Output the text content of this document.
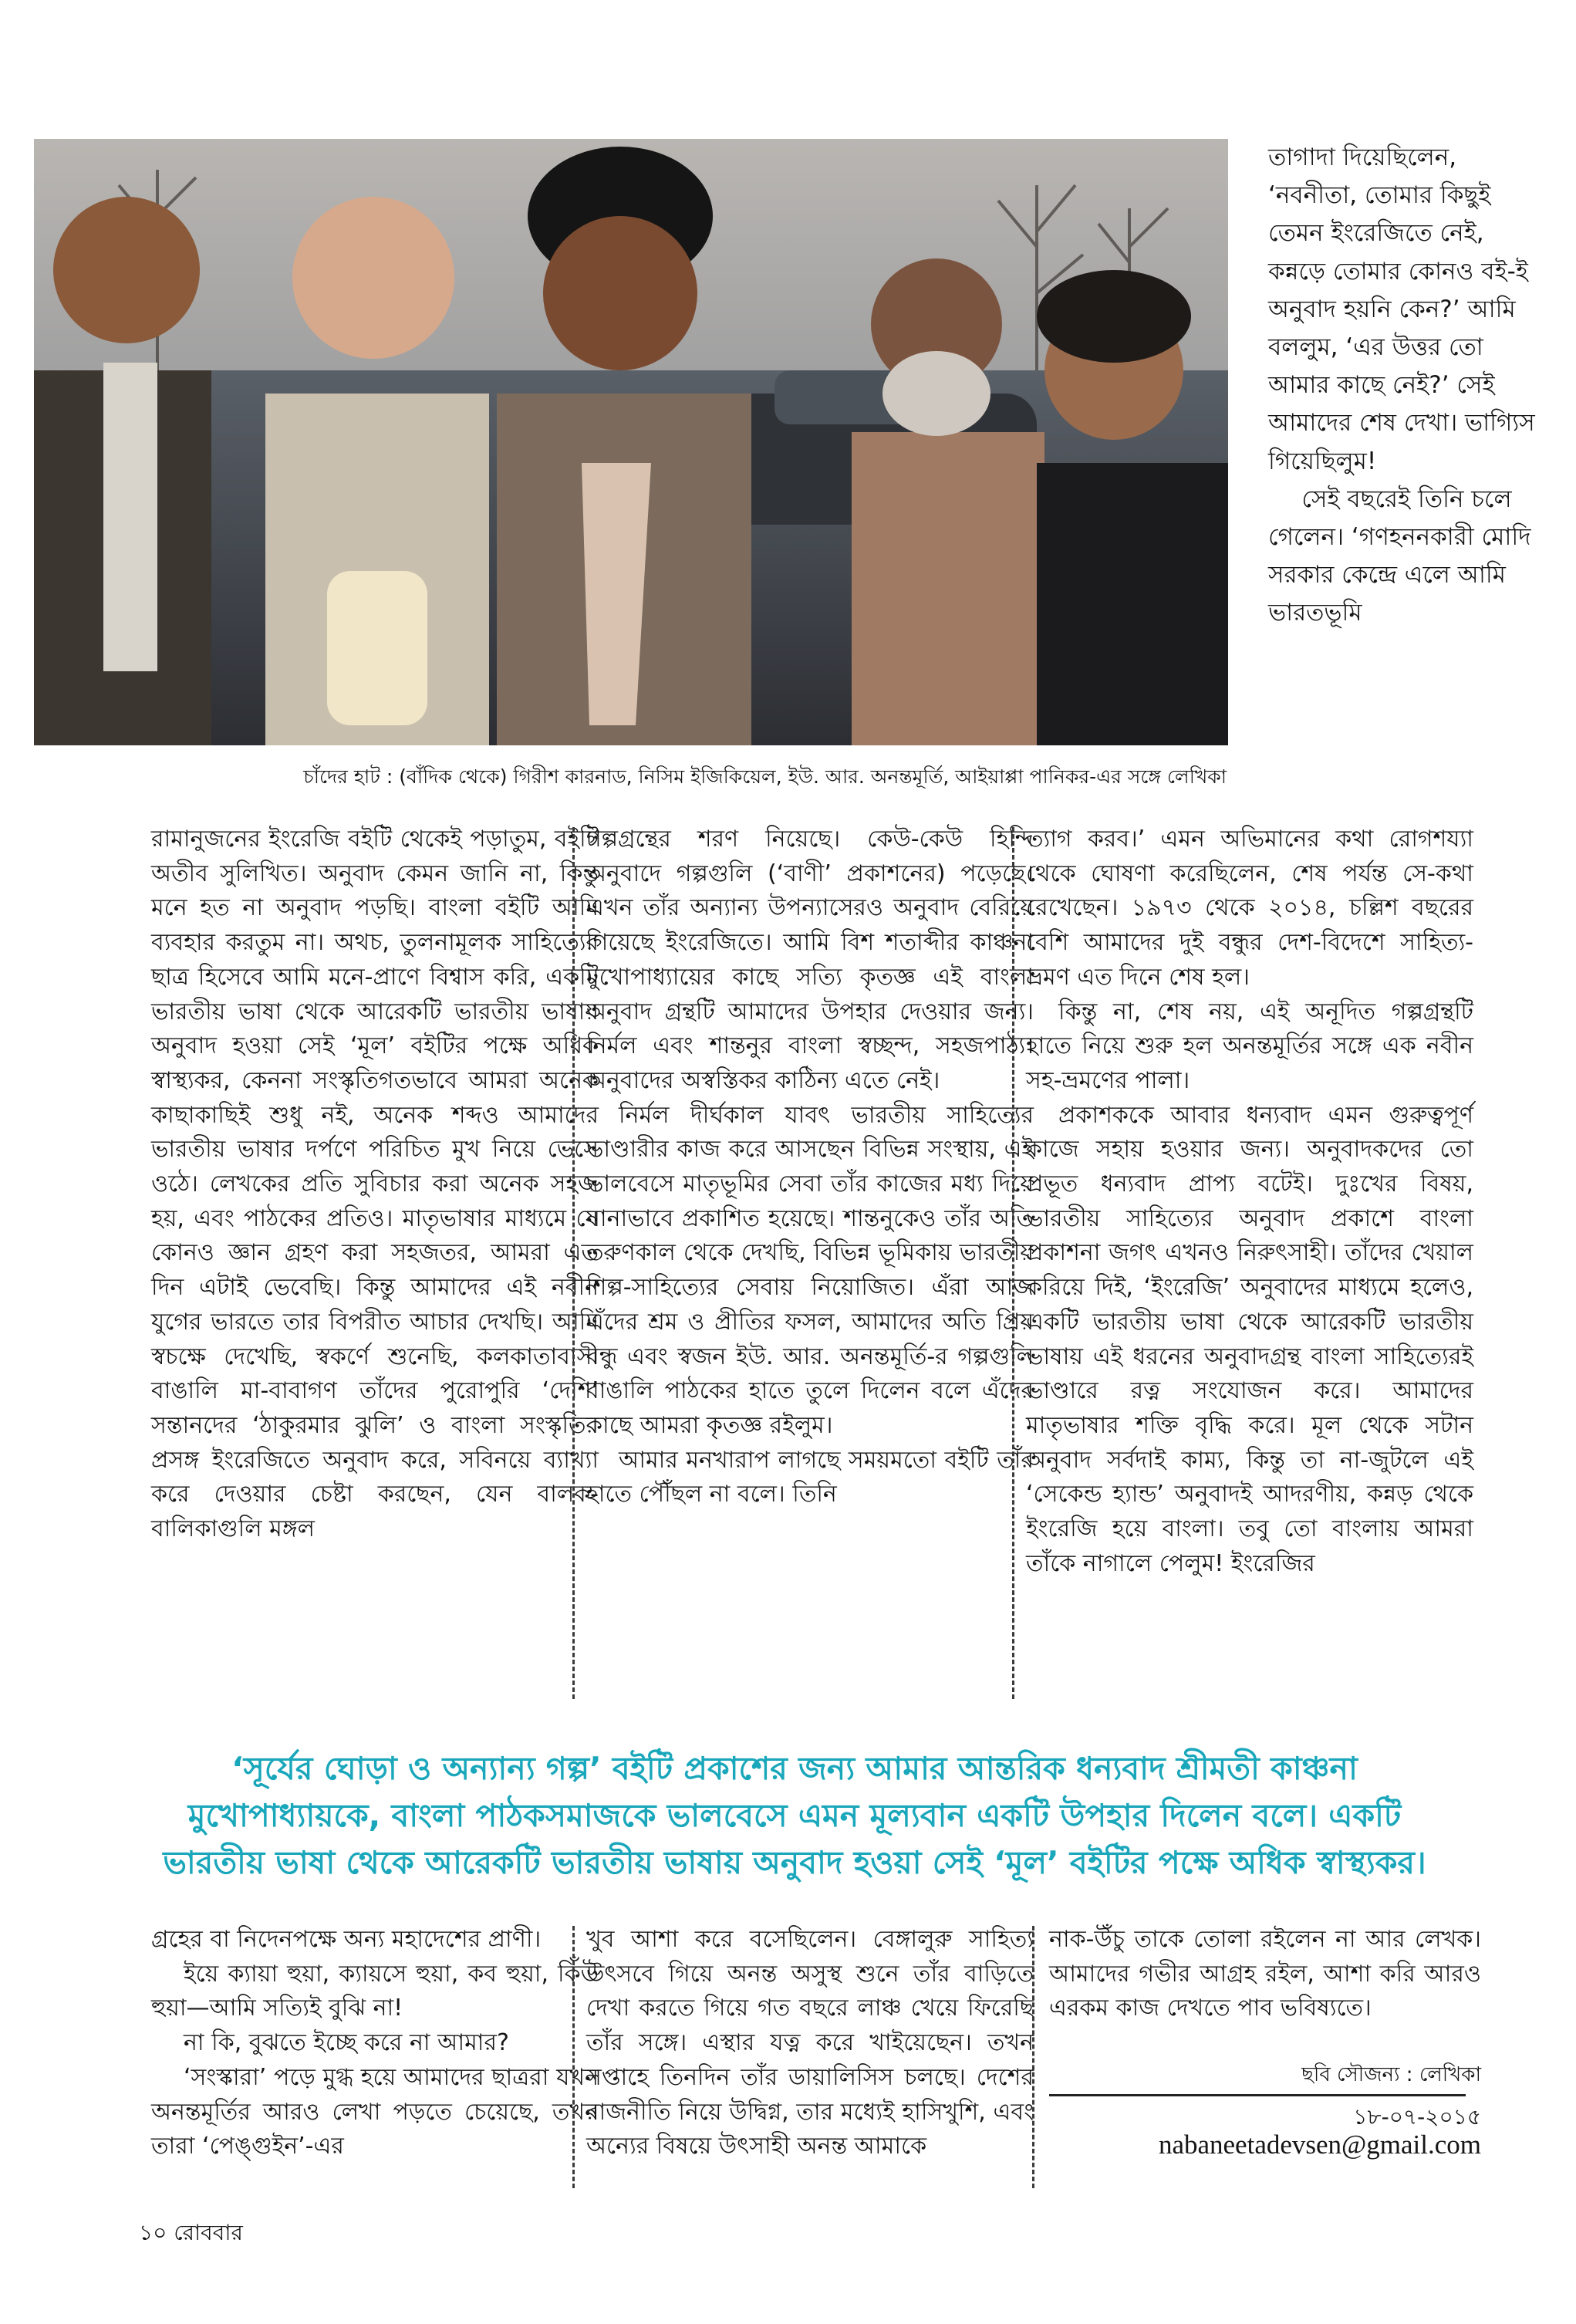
চাঁদের হাট : (বাঁদিক থেকে) গিরীশ কারনাড, নিসিম ইজিকিয়েল, ইউ. আর. অনন্তমূর্তি, আইয়াপ্পা পানিকর-এর সঙ্গে লেখিকা

তাগাদা দিয়েছিলেন, ‘নবনীতা, তোমার কিছুই তেমন ইংরেজিতে নেই, কন্নড়ে তোমার কোনও বই-ই অনুবাদ হয়নি কেন?’ আমি বললুম, ‘এর উত্তর তো আমার কাছে নেই?’ সেই আমাদের শেষ দেখা। ভাগ্যিস গিয়েছিলুম!

সেই বছরেই তিনি চলে গেলেন। ‘গণহননকারী মোদি সরকার কেন্দ্রে এলে আমি ভারতভূমি

রামানুজনের ইংরেজি বইটি থেকেই পড়াতুম, বইটি অতীব সুলিখিত। অনুবাদ কেমন জানি না, কিন্তু মনে হত না অনুবাদ পড়ছি। বাংলা বইটি আমি ব্যবহার করতুম না। অথচ, তুলনামূলক সাহিত্যের ছাত্র হিসেবে আমি মনে-প্রাণে বিশ্বাস করি, একটি ভারতীয় ভাষা থেকে আরেকটি ভারতীয় ভাষায় অনুবাদ হওয়া সেই ‘মূল’ বইটির পক্ষে অধিক স্বাস্থ্যকর, কেননা সংস্কৃতিগতভাবে আমরা অনেক কাছাকাছিই শুধু নই, অনেক শব্দও আমাদের ভারতীয় ভাষার দর্পণে পরিচিত মুখ নিয়ে ভেসে ওঠে। লেখকের প্রতি সুবিচার করা অনেক সহজ হয়, এবং পাঠকের প্রতিও। মাতৃভাষার মাধ্যমে যে কোনও জ্ঞান গ্রহণ করা সহজতর, আমরা এত দিন এটাই ভেবেছি। কিন্তু আমাদের এই নবীন যুগের ভারতে তার বিপরীত আচার দেখছি। আমি স্বচক্ষে দেখেছি, স্বকর্ণে শুনেছি, কলকাতাবাসী বাঙালি মা-বাবাগণ তাঁদের পুরোপুরি ‘দেশি’ সন্তানদের ‘ঠাকুরমার ঝুলি’ ও বাংলা সংস্কৃতির প্রসঙ্গ ইংরেজিতে অনুবাদ করে, সবিনয়ে ব্যাখ্যা করে দেওয়ার চেষ্টা করছেন, যেন বালক-বালিকাগুলি মঙ্গল

গল্পগ্রন্থের শরণ নিয়েছে। কেউ-কেউ হিন্দি অনুবাদে গল্পগুলি (‘বাণী’ প্রকাশনের) পড়েছে। এখন তাঁর অন্যান্য উপন্যাসেরও অনুবাদ বেরিয়ে গিয়েছে ইংরেজিতে। আমি বিশ শতাব্দীর কাঞ্চনা মুখোপাধ্যায়ের কাছে সত্যি কৃতজ্ঞ এই বাংলা অনুবাদ গ্রন্থটি আমাদের উপহার দেওয়ার জন্য। নির্মল এবং শান্তনুর বাংলা স্বচ্ছন্দ, সহজপাঠ্য। অনুবাদের অস্বস্তিকর কাঠিন্য এতে নেই।

নির্মল দীর্ঘকাল যাবৎ ভারতীয় সাহিত্যের ভাণ্ডারীর কাজ করে আসছেন বিভিন্ন সংস্থায়, এই ভালবেসে মাতৃভূমির সেবা তাঁর কাজের মধ্য দিয়ে নানাভাবে প্রকাশিত হয়েছে। শান্তনুকেও তাঁর অতি তরুণকাল থেকে দেখছি, বিভিন্ন ভূমিকায় ভারতীয় শিল্প-সাহিত্যের সেবায় নিয়োজিত। এঁরা আজ এঁদের শ্রম ও প্রীতির ফসল, আমাদের অতি প্রিয় বন্ধু এবং স্বজন ইউ. আর. অনন্তমূর্তি-র গল্পগুলি বাঙালি পাঠকের হাতে তুলে দিলেন বলে এঁদের কাছে আমরা কৃতজ্ঞ রইলুম।

আমার মনখারাপ লাগছে সময়মতো বইটি তাঁর হাতে পৌঁছল না বলে। তিনি

ত্যাগ করব।’ এমন অভিমানের কথা রোগশয্যা থেকে ঘোষণা করেছিলেন, শেষ পর্যন্ত সে-কথা রেখেছেন। ১৯৭৩ থেকে ২০১৪, চল্লিশ বছরের বেশি আমাদের দুই বন্ধুর দেশ-বিদেশে সাহিত্য-ভ্রমণ এত দিনে শেষ হল।

কিন্তু না, শেষ নয়, এই অনূদিত গল্পগ্রন্থটি হাতে নিয়ে শুরু হল অনন্তমূর্তির সঙ্গে এক নবীন সহ-ভ্রমণের পালা।

প্রকাশককে আবার ধন্যবাদ এমন গুরুত্বপূর্ণ কাজে সহায় হওয়ার জন্য। অনুবাদকদের তো প্রভূত ধন্যবাদ প্রাপ্য বটেই। দুঃখের বিষয়, ভারতীয় সাহিত্যের অনুবাদ প্রকাশে বাংলা প্রকাশনা জগৎ এখনও নিরুৎসাহী। তাঁদের খেয়াল করিয়ে দিই, ‘ইংরেজি’ অনুবাদের মাধ্যমে হলেও, একটি ভারতীয় ভাষা থেকে আরেকটি ভারতীয় ভাষায় এই ধরনের অনুবাদগ্রন্থ বাংলা সাহিত্যেরই ভাণ্ডারে রত্ন সংযোজন করে। আমাদের মাতৃভাষার শক্তি বৃদ্ধি করে। মূল থেকে সটান অনুবাদ সর্বদাই কাম্য, কিন্তু তা না-জুটলে এই ‘সেকেন্ড হ্যান্ড’ অনুবাদই আদরণীয়, কন্নড় থেকে ইংরেজি হয়ে বাংলা। তবু তো বাংলায় আমরা তাঁকে নাগালে পেলুম! ইংরেজির

‘সূর্যের ঘোড়া ও অন্যান্য গল্প’ বইটি প্রকাশের জন্য আমার আন্তরিক ধন্যবাদ শ্রীমতী কাঞ্চনা মুখোপাধ্যায়কে, বাংলা পাঠকসমাজকে ভালবেসে এমন মূল্যবান একটি উপহার দিলেন বলে। একটি ভারতীয় ভাষা থেকে আরেকটি ভারতীয় ভাষায় অনুবাদ হওয়া সেই ‘মূল’ বইটির পক্ষে অধিক স্বাস্থ্যকর।

গ্রহের বা নিদেনপক্ষে অন্য মহাদেশের প্রাণী।

ইয়ে ক্যায়া হুয়া, ক্যায়সে হুয়া, কব হুয়া, কিঁউ হুয়া—আমি সত্যিই বুঝি না!

না কি, বুঝতে ইচ্ছে করে না আমার?

‘সংস্কারা’ পড়ে মুগ্ধ হয়ে আমাদের ছাত্ররা যখন অনন্তমূর্তির আরও লেখা পড়তে চেয়েছে, তখন তারা ‘পেঙ্গুইন’-এর

খুব আশা করে বসেছিলেন। বেঙ্গালুরু সাহিত্য উৎসবে গিয়ে অনন্ত অসুস্থ শুনে তাঁর বাড়িতে দেখা করতে গিয়ে গত বছরে লাঞ্চ খেয়ে ফিরেছি তাঁর সঙ্গে। এস্থার যত্ন করে খাইয়েছেন। তখন সপ্তাহে তিনদিন তাঁর ডায়ালিসিস চলছে। দেশের রাজনীতি নিয়ে উদ্বিগ্ন, তার মধ্যেই হাসিখুশি, এবং অন্যের বিষয়ে উৎসাহী অনন্ত আমাকে

নাক-উঁচু তাকে তোলা রইলেন না আর লেখক। আমাদের গভীর আগ্রহ রইল, আশা করি আরও এরকম কাজ দেখতে পাব ভবিষ্যতে।

ছবি সৌজন্য : লেখিকা
১৮-০৭-২০১৫
nabaneetadevsen@gmail.com
১০ রোববার
